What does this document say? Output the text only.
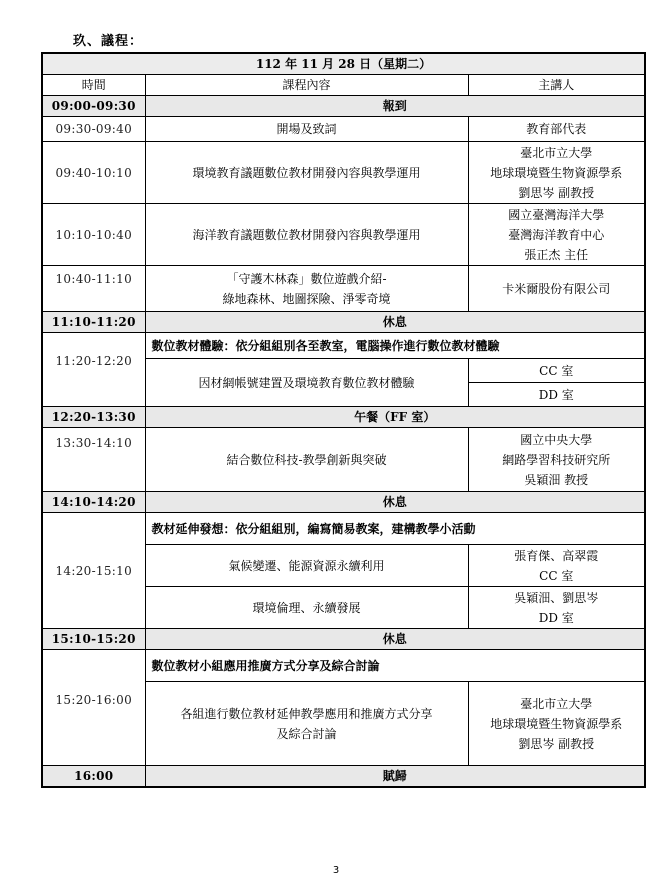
玖、議程：
112 年 11 月 28 日（星期二）		
時間	課程內容	主講人
09:00-09:30	報到	
09:30-09:40	開場及致詞	教育部代表
09:40-10:10	環境教育議題數位教材開發內容與教學運用	臺北市立大學
地球環境暨生物資源學系
劉思岑 副教授

10:10-10:40	海洋教育議題數位教材開發內容與教學運用	國立臺灣海洋大學
臺灣海洋教育中心
張正杰 主任

10:40-11:10	「守護木林森」數位遊戲介紹-
綠地森林、地圖探險、淨零奇境	卡米爾股份有限公司
11:10-11:20	休息	
11:20-12:20	數位教材體驗：依分組組別各至教室，電腦操作進行數位教材體驗	
	因材網帳號建置及環境教育數位教材體驗	CC 室
		DD 室
12:20-13:30	午餐（FF 室）	
13:30-14:10	結合數位科技-教學創新與突破	國立中央大學
網路學習科技研究所
吳穎沺 教授

14:10-14:20	休息	
14:20-15:10	教材延伸發想：依分組組別，編寫簡易教案，建構教學小活動	
	氣候變遷、能源資源永續利用	張育傑、高翠霞
CC 室

	環境倫理、永續發展	吳穎沺、劉思岑
DD 室

15:10-15:20	休息	
15:20-16:00	數位教材小組應用推廣方式分享及綜合討論	

	各組進行數位教材延伸教學應用和推廣方式分享
及綜合討論	臺北市立大學
地球環境暨生物資源學系
劉思岑 副教授

16:00	賦歸	
3
